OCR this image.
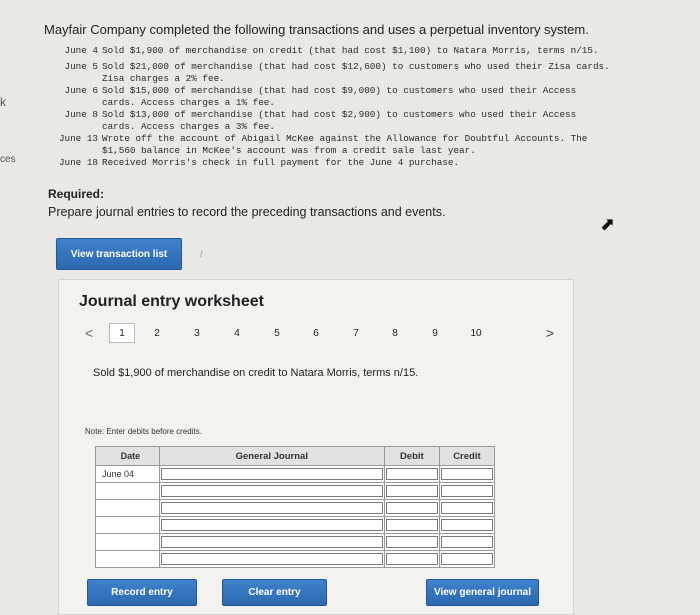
k
ces
Mayfair Company completed the following transactions and uses a perpetual inventory system.
June 4 Sold $1,900 of merchandise on credit (that had cost $1,100) to Natara Morris, terms n/15.
June 5 Sold $21,000 of merchandise (that had cost $12,600) to customers who used their Zisa cards.
Zisa charges a 2% fee.
June 6 Sold $15,000 of merchandise (that had cost $9,000) to customers who used their Access
cards. Access charges a 1% fee.
June 8 Sold $13,000 of merchandise (that had cost $2,900) to customers who used their Access
cards. Access charges a 3% fee.
June 13 Wrote off the account of Abigail McKee against the Allowance for Doubtful Accounts. The
$1,560 balance in McKee's account was from a credit sale last year.
June 18 Received Morris's check in full payment for the June 4 purchase.
Required:
Prepare journal entries to record the preceding transactions and events.
View transaction list	/
⬈
Journal entry worksheet
<	1	2	3	4	5	6	7	8	9	10	>
Sold $1,900 of merchandise on credit to Natara Morris, terms n/15.
Note: Enter debits before credits.
Date	General Journal	Debit	Credit
June 04	

Record entry	Clear entry	View general journal
